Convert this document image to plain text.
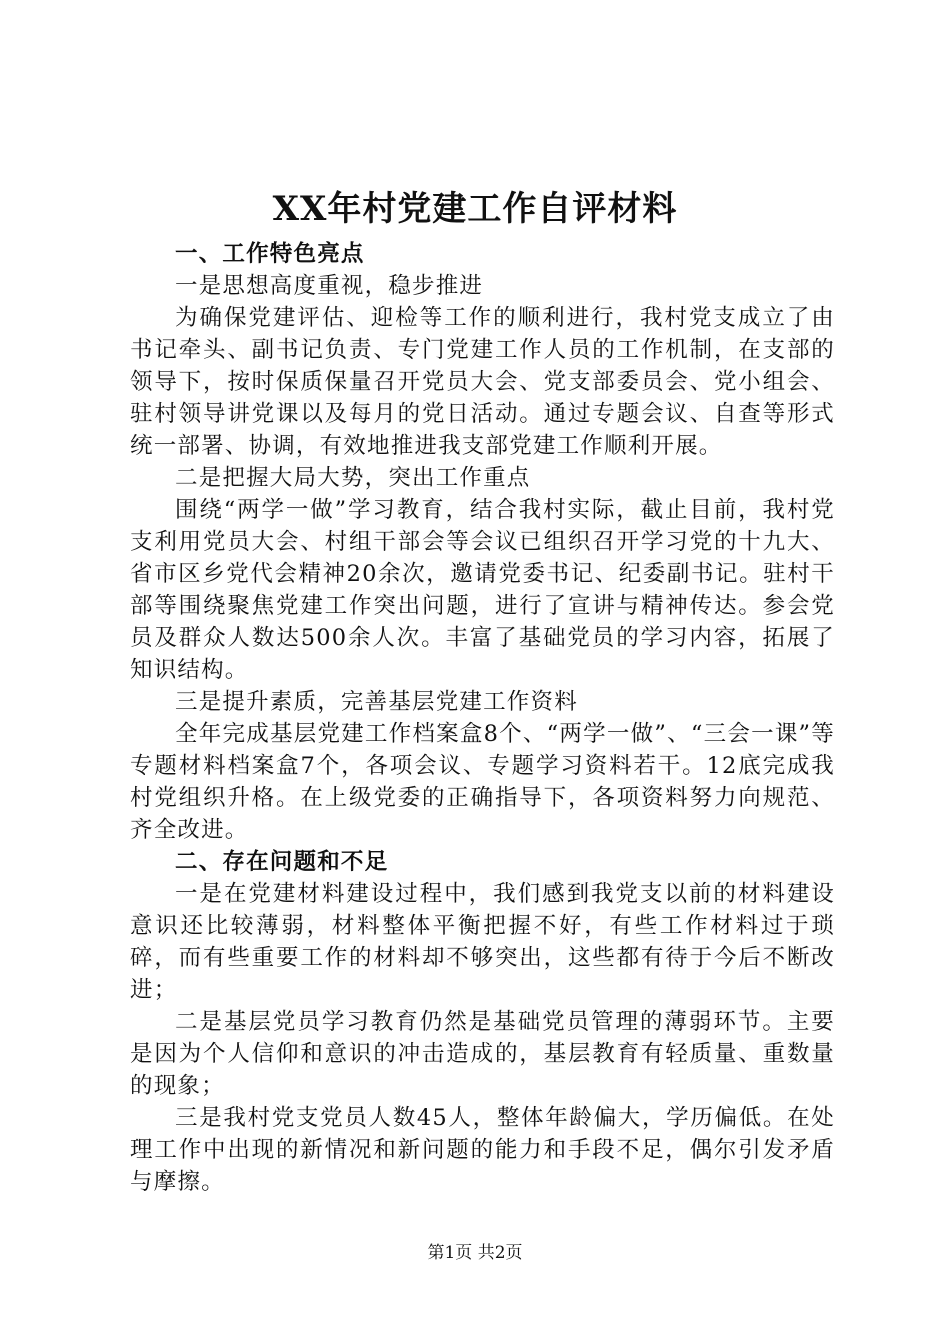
XX年村党建工作自评材料

一、工作特色亮点

一是思想高度重视，稳步推进

为确保党建评估、迎检等工作的顺利进行，我村党支成立了由书记牵头、副书记负责、专门党建工作人员的工作机制，在支部的领导下，按时保质保量召开党员大会、党支部委员会、党小组会、驻村领导讲党课以及每月的党日活动。通过专题会议、自查等形式统一部署、协调，有效地推进我支部党建工作顺利开展。

二是把握大局大势，突出工作重点

围绕“两学一做”学习教育，结合我村实际，截止目前，我村党支利用党员大会、村组干部会等会议已组织召开学习党的十九大、省市区乡党代会精神20余次，邀请党委书记、纪委副书记。驻村干部等围绕聚焦党建工作突出问题，进行了宣讲与精神传达。参会党员及群众人数达500余人次。丰富了基础党员的学习内容，拓展了知识结构。

三是提升素质，完善基层党建工作资料

全年完成基层党建工作档案盒8个、“两学一做”、“三会一课”等专题材料档案盒7个，各项会议、专题学习资料若干。12底完成我村党组织升格。在上级党委的正确指导下，各项资料努力向规范、齐全改进。

二、存在问题和不足

一是在党建材料建设过程中，我们感到我党支以前的材料建设意识还比较薄弱，材料整体平衡把握不好，有些工作材料过于琐碎，而有些重要工作的材料却不够突出，这些都有待于今后不断改进；

二是基层党员学习教育仍然是基础党员管理的薄弱环节。主要是因为个人信仰和意识的冲击造成的，基层教育有轻质量、重数量的现象；

三是我村党支党员人数45人，整体年龄偏大，学历偏低。在处理工作中出现的新情况和新问题的能力和手段不足，偶尔引发矛盾与摩擦。

第1页 共2页
